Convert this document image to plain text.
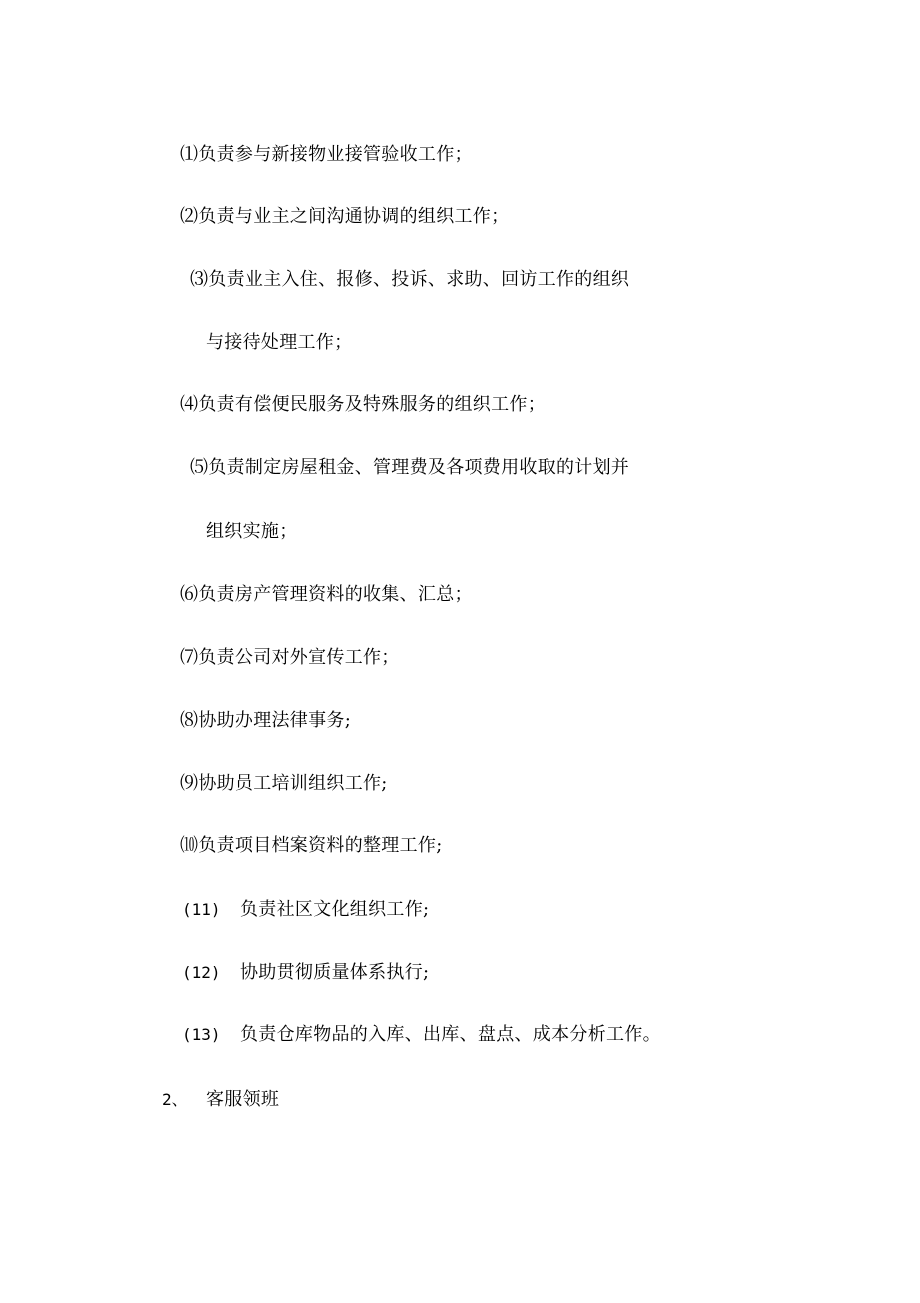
⑴负责参与新接物业接管验收工作；
⑵负责与业主之间沟通协调的组织工作；
⑶负责业主入住、报修、投诉、求助、回访工作的组织
与接待处理工作；
⑷负责有偿便民服务及特殊服务的组织工作；
⑸负责制定房屋租金、管理费及各项费用收取的计划并
组织实施；
⑹负责房产管理资料的收集、汇总；
⑺负责公司对外宣传工作；
⑻协助办理法律事务;
⑼协助员工培训组织工作;
⑽负责项目档案资料的整理工作;
(11) 负责社区文化组织工作;
(12) 协助贯彻质量体系执行;
(13) 负责仓库物品的入库、出库、盘点、成本分析工作。
2、 客服领班
